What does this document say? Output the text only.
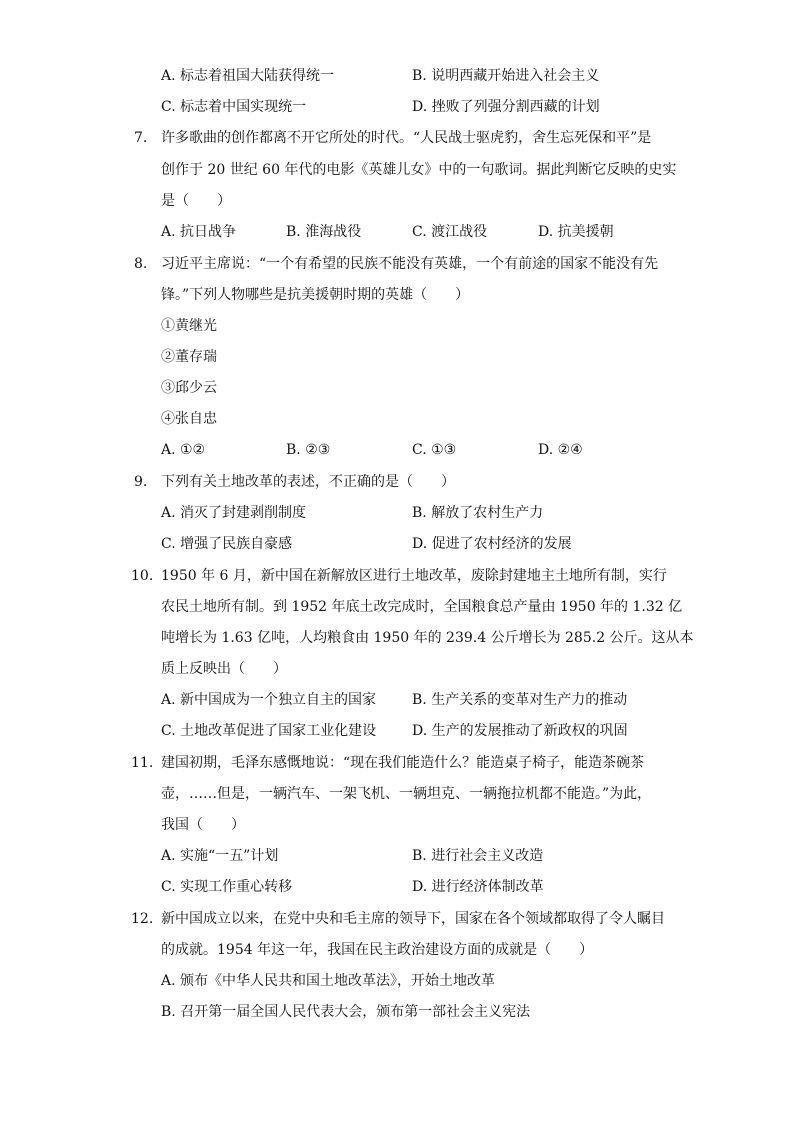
A. 标志着祖国大陆获得统一	B. 说明西藏开始进入社会主义
C. 标志着中国实现统一	D. 挫败了列强分割西藏的计划
7. 许多歌曲的创作都离不开它所处的时代。“人民战士驱虎豹，舍生忘死保和平”是
创作于 20 世纪 60 年代的电影《英雄儿女》中的一句歌词。据此判断它反映的史实
是（　　）
A. 抗日战争	B. 淮海战役	C. 渡江战役	D. 抗美援朝
8. 习近平主席说：“一个有希望的民族不能没有英雄，一个有前途的国家不能没有先
锋。”下列人物哪些是抗美援朝时期的英雄（　　）
①黄继光
②董存瑞
③邱少云
④张自忠
A. ①②	B. ②③	C. ①③	D. ②④
9. 下列有关土地改革的表述，不正确的是（　　）
A. 消灭了封建剥削制度	B. 解放了农村生产力
C. 增强了民族自豪感	D. 促进了农村经济的发展
10. 1950 年 6 月，新中国在新解放区进行土地改革，废除封建地主土地所有制，实行
农民土地所有制。到 1952 年底土改完成时，全国粮食总产量由 1950 年的 1.32 亿
吨增长为 1.63 亿吨，人均粮食由 1950 年的 239.4 公斤增长为 285.2 公斤。这从本
质上反映出（　　）
A. 新中国成为一个独立自主的国家	B. 生产关系的变革对生产力的推动
C. 土地改革促进了国家工业化建设	D. 生产的发展推动了新政权的巩固
11. 建国初期，毛泽东感慨地说：“现在我们能造什么？能造桌子椅子，能造茶碗茶
壶，……但是，一辆汽车、一架飞机、一辆坦克、一辆拖拉机都不能造。”为此，
我国（　　）
A. 实施“一五”计划	B. 进行社会主义改造
C. 实现工作重心转移	D. 进行经济体制改革
12. 新中国成立以来，在党中央和毛主席的领导下，国家在各个领域都取得了令人瞩目
的成就。1954 年这一年，我国在民主政治建设方面的成就是（　　）
A. 颁布《中华人民共和国土地改革法》，开始土地改革
B. 召开第一届全国人民代表大会，颁布第一部社会主义宪法
